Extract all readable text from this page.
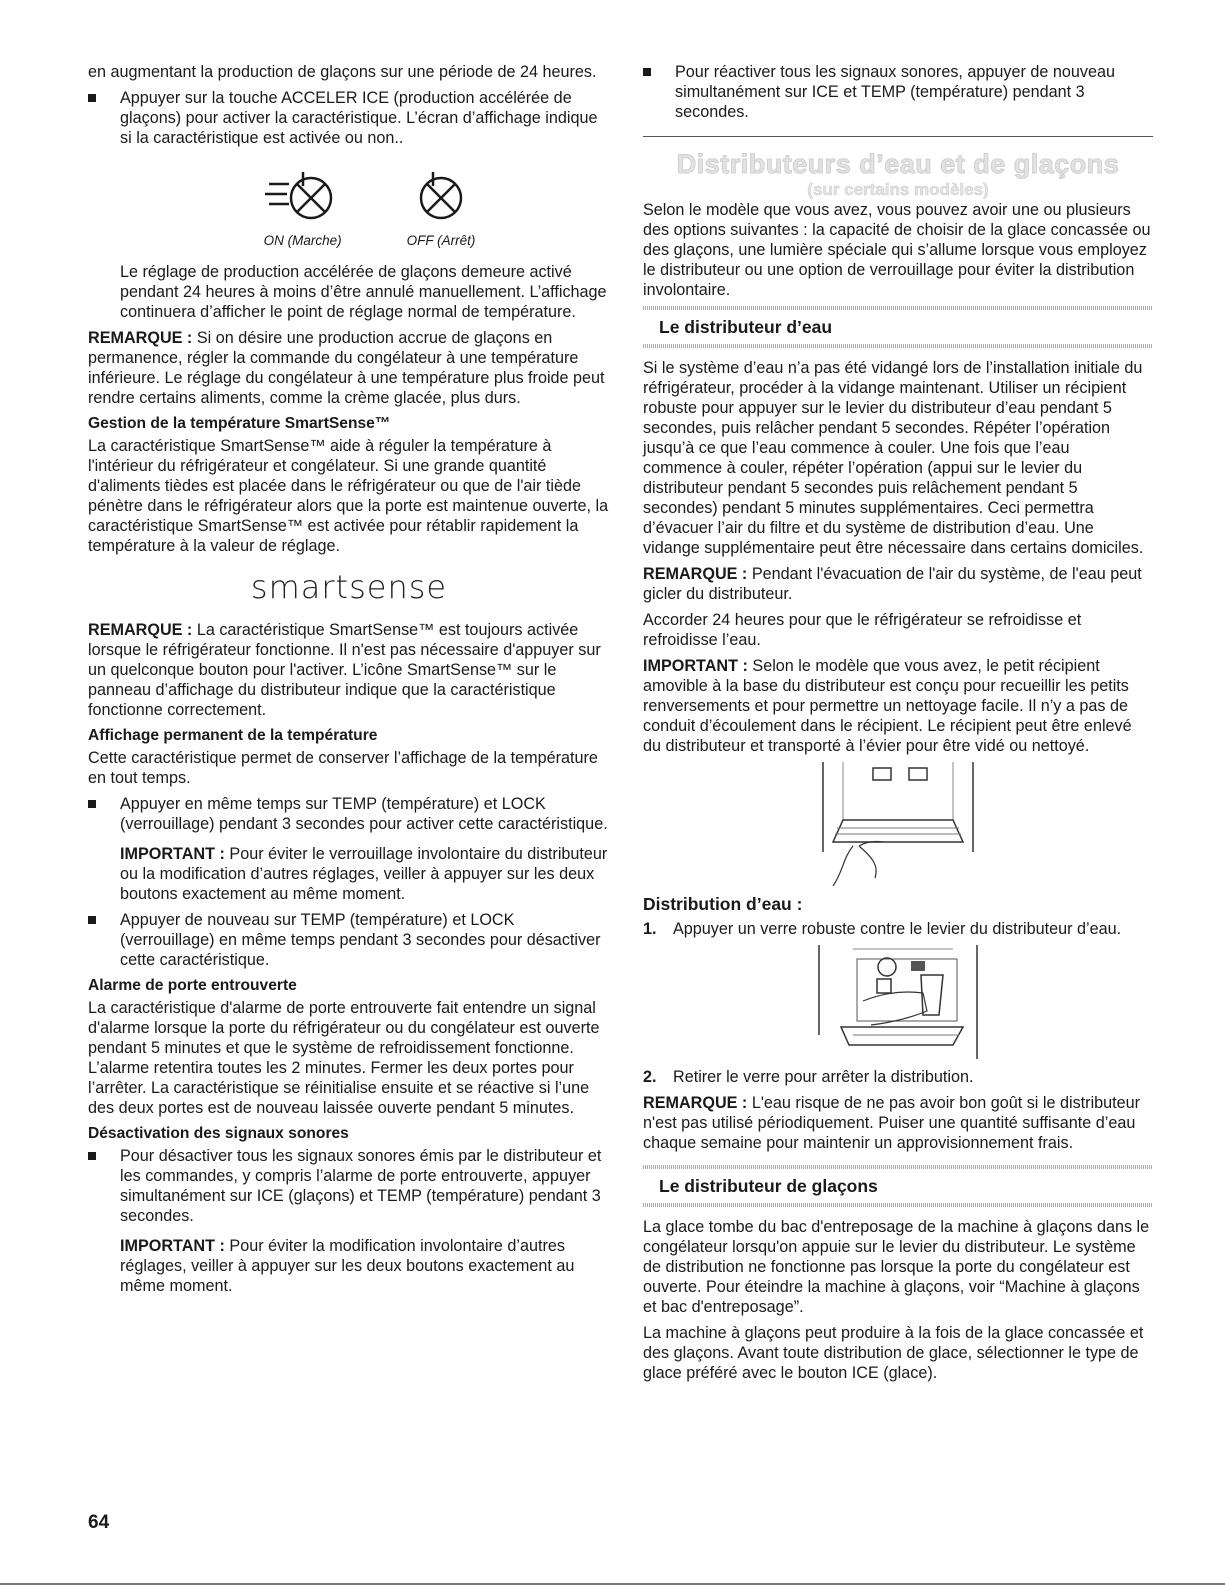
en augmentant la production de glaçons sur une période de 24 heures.

Appuyer sur la touche ACCELER ICE (production accélérée de glaçons) pour activer la caractéristique. L’écran d’affichage indique si la caractéristique est activée ou non..
ON (Marche)	OFF (Arrêt)

Le réglage de production accélérée de glaçons demeure activé pendant 24 heures à moins d’être annulé manuellement. L’affichage continuera d’afficher le point de réglage normal de température.

REMARQUE : Si on désire une production accrue de glaçons en permanence, régler la commande du congélateur à une température inférieure. Le réglage du congélateur à une température plus froide peut rendre certains aliments, comme la crème glacée, plus durs.

Gestion de la température SmartSense™

La caractéristique SmartSense™ aide à réguler la température à l'intérieur du réfrigérateur et congélateur. Si une grande quantité d'aliments tièdes est placée dans le réfrigérateur ou que de l'air tiède pénètre dans le réfrigérateur alors que la porte est maintenue ouverte, la caractéristique SmartSense™ est activée pour rétablir rapidement la température à la valeur de réglage.

smartsense

REMARQUE : La caractéristique SmartSense™ est toujours activée lorsque le réfrigérateur fonctionne. Il n'est pas nécessaire d'appuyer sur un quelconque bouton pour l'activer. L’icône SmartSense™ sur le panneau d’affichage du distributeur indique que la caractéristique fonctionne correctement.

Affichage permanent de la température

Cette caractéristique permet de conserver l’affichage de la température en tout temps.

Appuyer en même temps sur TEMP (température) et LOCK (verrouillage) pendant 3 secondes pour activer cette caractéristique.

IMPORTANT : Pour éviter le verrouillage involontaire du distributeur ou la modification d’autres réglages, veiller à appuyer sur les deux boutons exactement au même moment.

Appuyer de nouveau sur TEMP (température) et LOCK (verrouillage) en même temps pendant 3 secondes pour désactiver cette caractéristique.
Alarme de porte entrouverte

La caractéristique d'alarme de porte entrouverte fait entendre un signal d'alarme lorsque la porte du réfrigérateur ou du congélateur est ouverte pendant 5 minutes et que le système de refroidissement fonctionne. L’alarme retentira toutes les 2 minutes. Fermer les deux portes pour l’arrêter. La caractéristique se réinitialise ensuite et se réactive si l’une des deux portes est de nouveau laissée ouverte pendant 5 minutes.

Désactivation des signaux sonores
Pour désactiver tous les signaux sonores émis par le distributeur et les commandes, y compris l’alarme de porte entrouverte, appuyer simultanément sur ICE (glaçons) et TEMP (température) pendant 3 secondes.

IMPORTANT : Pour éviter la modification involontaire d’autres réglages, veiller à appuyer sur les deux boutons exactement au même moment.

Pour réactiver tous les signaux sonores, appuyer de nouveau simultanément sur ICE et TEMP (température) pendant 3 secondes.
Distributeurs d’eau et de glaçons
(sur certains modèles)

Selon le modèle que vous avez, vous pouvez avoir une ou plusieurs des options suivantes : la capacité de choisir de la glace concassée ou des glaçons, une lumière spéciale qui s’allume lorsque vous employez le distributeur ou une option de verrouillage pour éviter la distribution involontaire.

Le distributeur d’eau

Si le système d’eau n’a pas été vidangé lors de l’installation initiale du réfrigérateur, procéder à la vidange maintenant. Utiliser un récipient robuste pour appuyer sur le levier du distributeur d’eau pendant 5 secondes, puis relâcher pendant 5 secondes. Répéter l’opération jusqu’à ce que l’eau commence à couler. Une fois que l’eau commence à couler, répéter l’opération (appui sur le levier du distributeur pendant 5 secondes puis relâchement pendant 5 secondes) pendant 5 minutes supplémentaires. Ceci permettra d’évacuer l’air du filtre et du système de distribution d’eau. Une vidange supplémentaire peut être nécessaire dans certains domiciles.

REMARQUE : Pendant l'évacuation de l'air du système, de l'eau peut gicler du distributeur.

Accorder 24 heures pour que le réfrigérateur se refroidisse et refroidisse l’eau.

IMPORTANT : Selon le modèle que vous avez, le petit récipient amovible à la base du distributeur est conçu pour recueillir les petits renversements et pour permettre un nettoyage facile. Il n’y a pas de conduit d’écoulement dans le récipient. Le récipient peut être enlevé du distributeur et transporté à l’évier pour être vidé ou nettoyé.

Distribution d’eau :
1. Appuyer un verre robuste contre le levier du distributeur d’eau.
2. Retirer le verre pour arrêter la distribution.

REMARQUE : L'eau risque de ne pas avoir bon goût si le distributeur n'est pas utilisé périodiquement. Puiser une quantité suffisante d’eau chaque semaine pour maintenir un approvisionnement frais.

Le distributeur de glaçons

La glace tombe du bac d'entreposage de la machine à glaçons dans le congélateur lorsqu'on appuie sur le levier du distributeur. Le système de distribution ne fonctionne pas lorsque la porte du congélateur est ouverte. Pour éteindre la machine à glaçons, voir “Machine à glaçons et bac d'entreposage”.

La machine à glaçons peut produire à la fois de la glace concassée et des glaçons. Avant toute distribution de glace, sélectionner le type de glace préféré avec le bouton ICE (glace).

64
